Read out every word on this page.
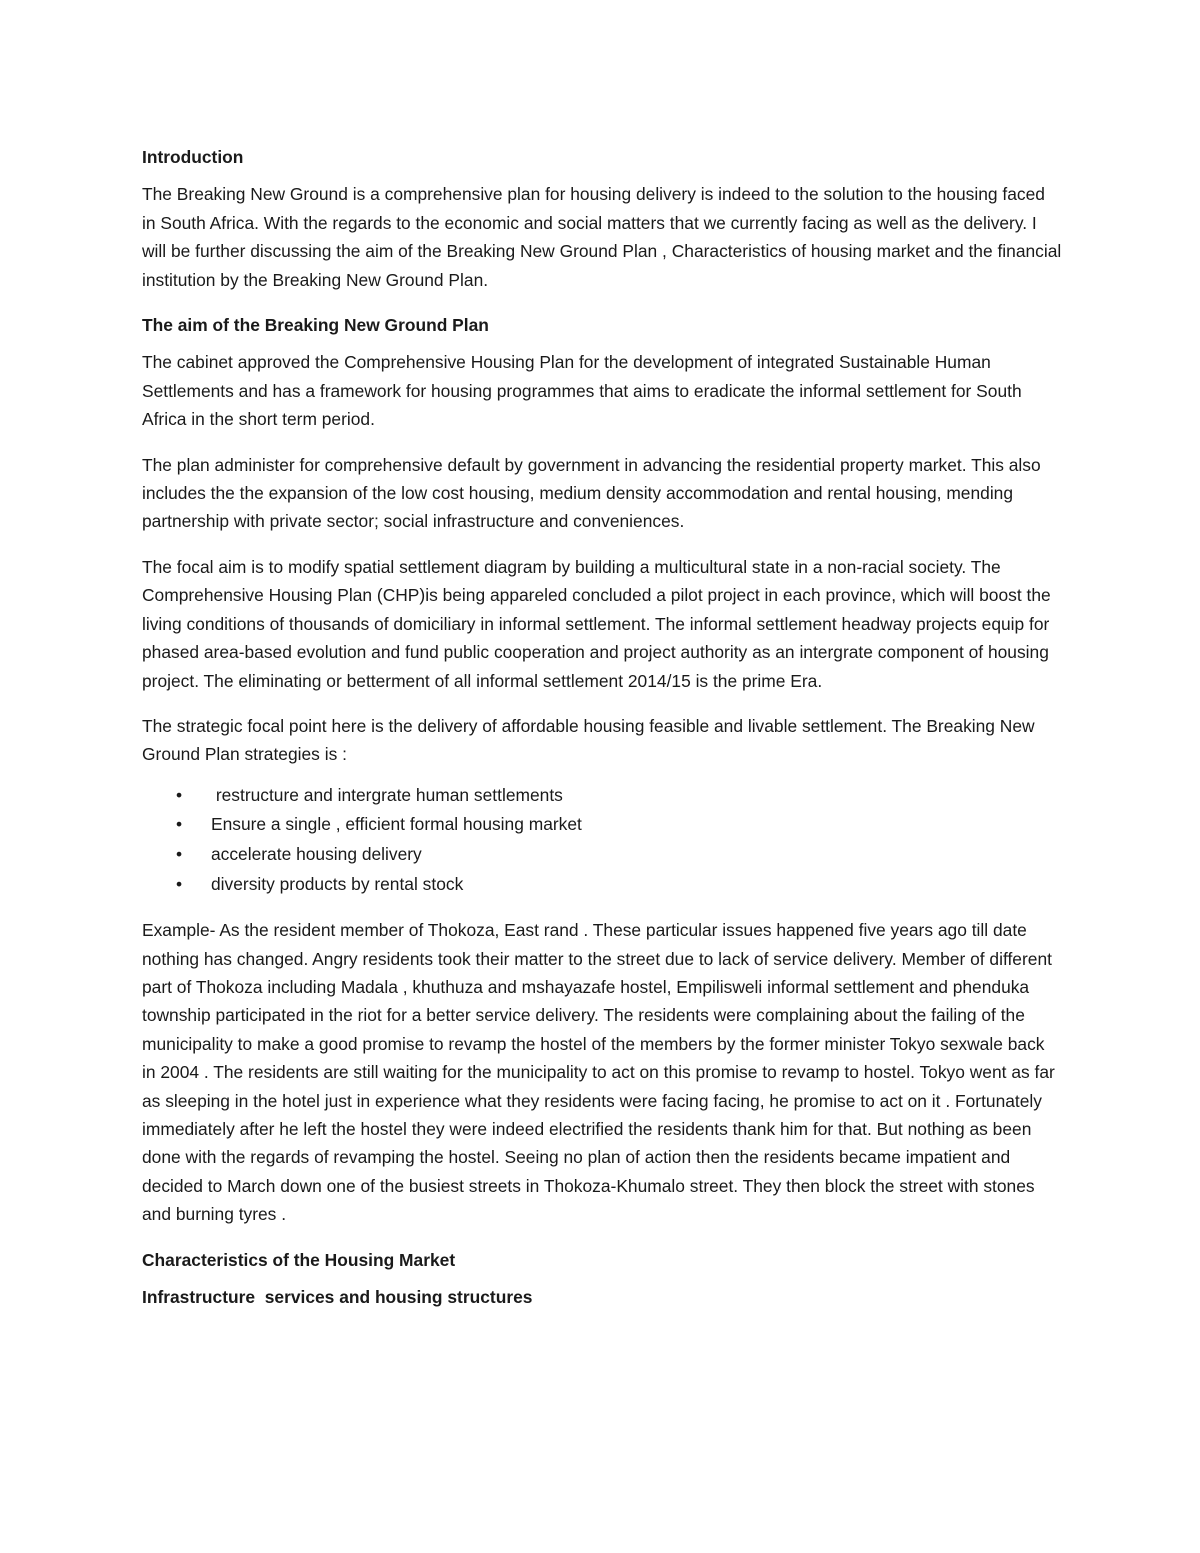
Introduction

The Breaking New Ground is a comprehensive plan for housing delivery is indeed to the solution to the housing faced in South Africa. With the regards to the economic and social matters that we currently facing as well as the delivery. I will be further discussing the aim of the Breaking New Ground Plan , Characteristics of housing market and the financial institution by the Breaking New Ground Plan.

The aim of the Breaking New Ground Plan

The cabinet approved the Comprehensive Housing Plan for the development of integrated Sustainable Human Settlements and has a framework for housing programmes that aims to eradicate the informal settlement for South Africa in the short term period.

The plan administer for comprehensive default by government in advancing the residential property market. This also includes the the expansion of the low cost housing, medium density accommodation and rental housing, mending partnership with private sector; social infrastructure and conveniences.

The focal aim is to modify spatial settlement diagram by building a multicultural state in a non-racial society. The Comprehensive Housing Plan (CHP)is being appareled concluded a pilot project in each province, which will boost the living conditions of thousands of domiciliary in informal settlement. The informal settlement headway projects equip for phased area-based evolution and fund public cooperation and project authority as an intergrate component of housing project. The eliminating or betterment of all informal settlement 2014/15 is the prime Era.

The strategic focal point here is the delivery of affordable housing feasible and livable settlement. The Breaking New Ground Plan strategies is :

• restructure and intergrate human settlements
• Ensure a single , efficient formal housing market
• accelerate housing delivery
• diversity products by rental stock

Example- As the resident member of Thokoza, East rand . These particular issues happened five years ago till date nothing has changed. Angry residents took their matter to the street due to lack of service delivery. Member of different part of Thokoza including Madala , khuthuza and mshayazafe hostel, Empilisweli informal settlement and phenduka township participated in the riot for a better service delivery. The residents were complaining about the failing of the municipality to make a good promise to revamp the hostel of the members by the former minister Tokyo sexwale back in 2004 . The residents are still waiting for the municipality to act on this promise to revamp to hostel. Tokyo went as far as sleeping in the hotel just in experience what they residents were facing facing, he promise to act on it . Fortunately immediately after he left the hostel they were indeed electrified the residents thank him for that. But nothing as been done with the regards of revamping the hostel. Seeing no plan of action then the residents became impatient and decided to March down one of the busiest streets in Thokoza-Khumalo street. They then block the street with stones and burning tyres .

Characteristics of the Housing Market
Infrastructure  services and housing structures
